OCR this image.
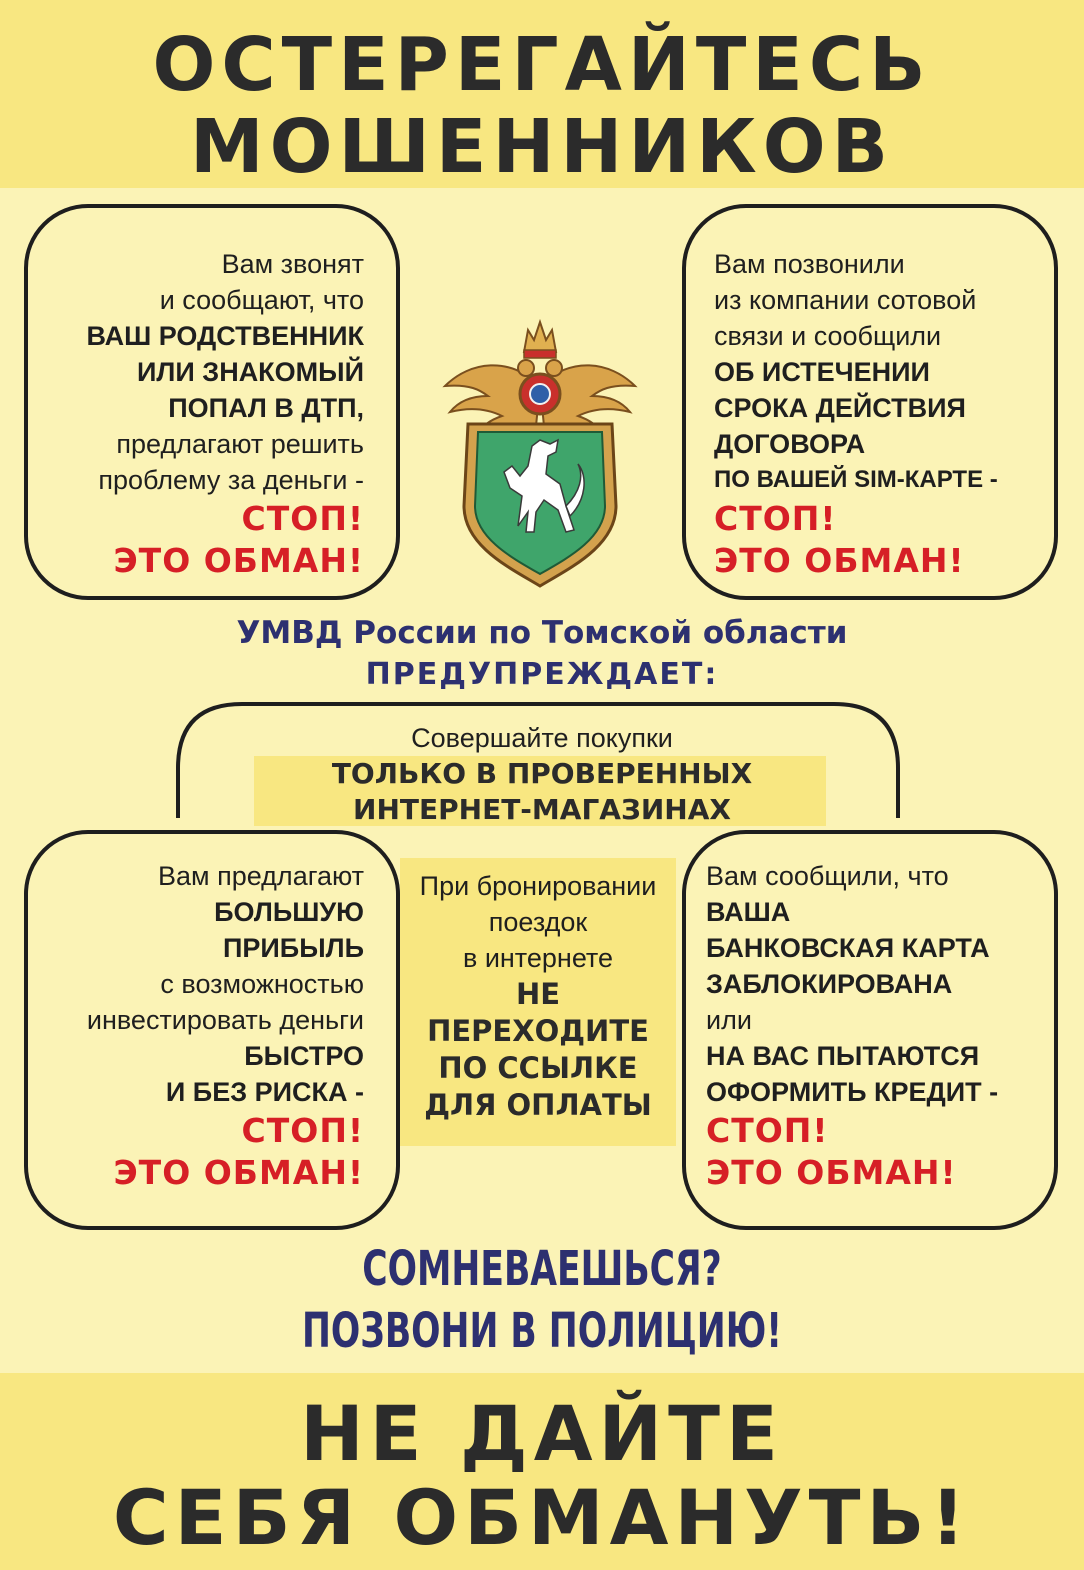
ОСТЕРЕГАЙТЕСЬ
МОШЕННИКОВ
Вам звонят
и сообщают, что
ВАШ РОДСТВЕННИК
ИЛИ ЗНАКОМЫЙ
ПОПАЛ В ДТП,
предлагают решить
проблему за деньги -
СТОП!
ЭТО ОБМАН!
Вам позвонили
из компании сотовой
связи и сообщили
ОБ ИСТЕЧЕНИИ
СРОКА ДЕЙСТВИЯ
ДОГОВОРА
ПО ВАШЕЙ SIM-КАРТЕ -
СТОП!
ЭТО ОБМАН!
УМВД России по Томской области
ПРЕДУПРЕЖДАЕТ:
Совершайте покупки
ТОЛЬКО В ПРОВЕРЕННЫХ
ИНТЕРНЕТ-МАГАЗИНАХ
Вам предлагают
БОЛЬШУЮ
ПРИБЫЛЬ
с возможностью
инвестировать деньги
БЫСТРО
И БЕЗ РИСКА -
СТОП!
ЭТО ОБМАН!
При бронировании
поездок
в интернете
НЕ
ПЕРЕХОДИТЕ
ПО ССЫЛКЕ
ДЛЯ ОПЛАТЫ
Вам сообщили, что
ВАША
БАНКОВСКАЯ КАРТА
ЗАБЛОКИРОВАНА
или
НА ВАС ПЫТАЮТСЯ
ОФОРМИТЬ КРЕДИТ -
СТОП!
ЭТО ОБМАН!
СОМНЕВАЕШЬСЯ?
ПОЗВОНИ В ПОЛИЦИЮ!
НЕ ДАЙТЕ
СЕБЯ ОБМАНУТЬ!
